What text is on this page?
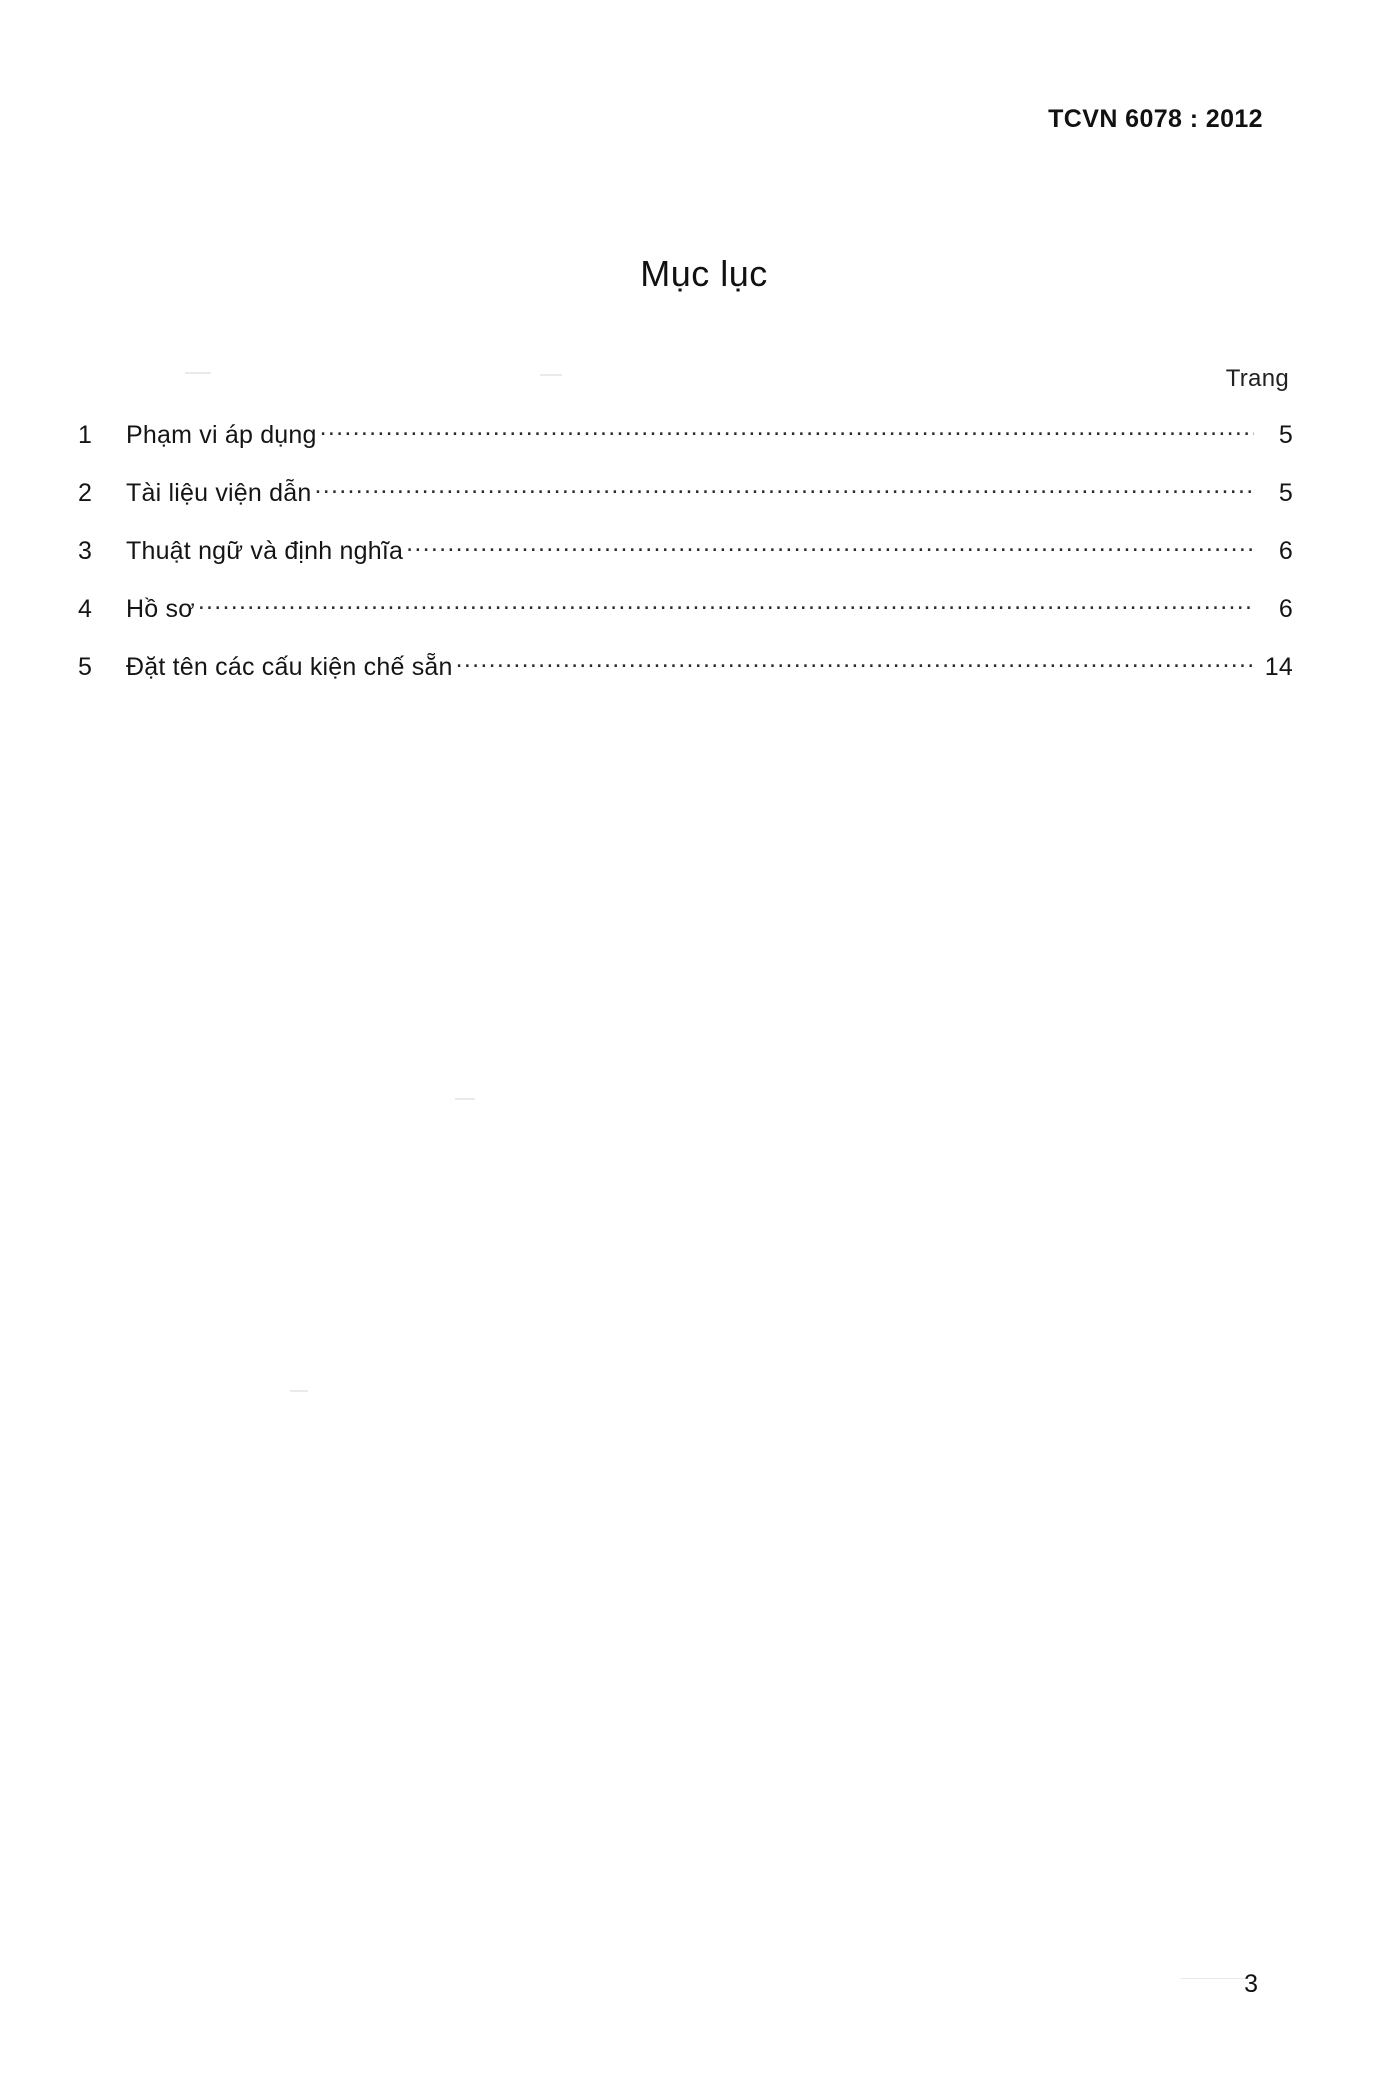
TCVN 6078 : 2012
Mục lục
Trang
1	Phạm vi áp dụng .....	5
2	Tài liệu viện dẫn .....	5
3	Thuật ngữ và định nghĩa .....	6
4	Hồ sơ .....	6
5	Đặt tên các cấu kiện chế sẵn .....	14
3
